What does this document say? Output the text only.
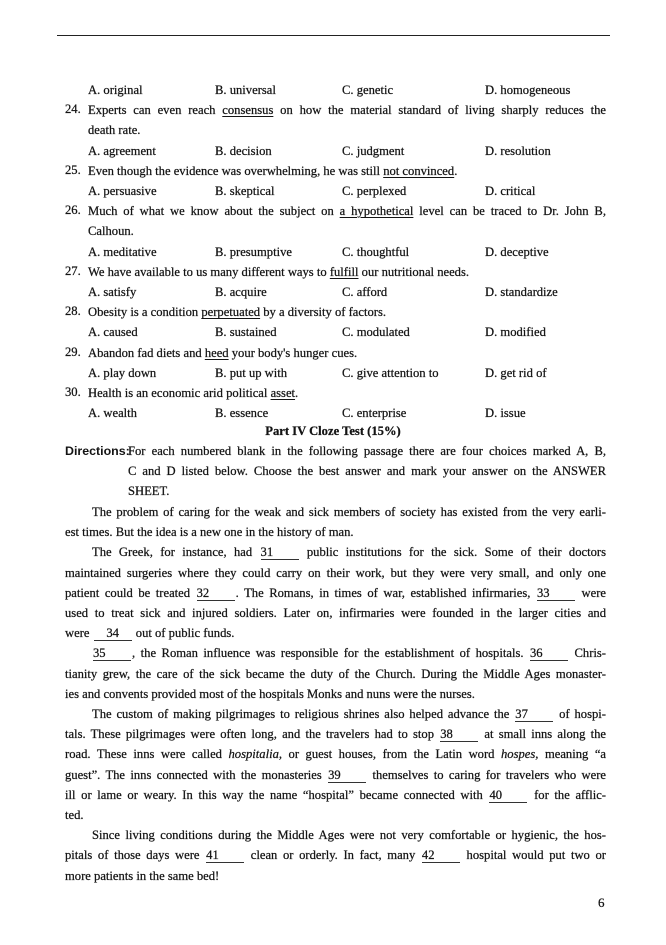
A. original	B. universal	C. genetic	D. homogeneous
24. Experts can even reach consensus on how the material standard of living sharply reduces the
death rate.
A. agreement	B. decision	C. judgment	D. resolution
25. Even though the evidence was overwhelming, he was still not convinced.
A. persuasive	B. skeptical	C. perplexed	D. critical
26. Much of what we know about the subject on a hypothetical level can be traced to Dr. John B,
Calhoun.
A. meditative	B. presumptive	C. thoughtful	D. deceptive
27. We have available to us many different ways to fulfill our nutritional needs.
A. satisfy	B. acquire	C. afford	D. standardize
28. Obesity is a condition perpetuated by a diversity of factors.
A. caused	B. sustained	C. modulated	D. modified
29. Abandon fad diets and heed your body's hunger cues.
A. play down	B. put up with	C. give attention to	D. get rid of
30. Health is an economic arid political asset.
A. wealth	B. essence	C. enterprise	D. issue
For each numbered blank in the following passage there are four choices marked A, B,
C and D listed below. Choose the best answer and mark your answer on the ANSWER
SHEET.
The problem of caring for the weak and sick members of society has existed from the very earli-
est times. But the idea is a new one in the history of man.
The Greek, for instance, had 31 public institutions for the sick. Some of their doctors
maintained surgeries where they could carry on their work, but they were very small, and only one
patient could be treated 32 . The Romans, in times of war, established infirmaries, 33 were
used to treat sick and injured soldiers. Later on, infirmaries were founded in the larger cities and
were 34 out of public funds.
35 , the Roman influence was responsible for the establishment of hospitals. 36 Chris-
tianity grew, the care of the sick became the duty of the Church. During the Middle Ages monaster-
ies and convents provided most of the hospitals Monks and nuns were the nurses.
The custom of making pilgrimages to religious shrines also helped advance the 37 of hospi-
tals. These pilgrimages were often long, and the travelers had to stop 38 at small inns along the
road. These inns were called hospitalia, or guest houses, from the Latin word hospes, meaning “a
guest”. The inns connected with the monasteries 39 themselves to caring for travelers who were
ill or lame or weary. In this way the name “hospital” became connected with 40 for the afflic-
ted.
Since living conditions during the Middle Ages were not very comfortable or hygienic, the hos-
pitals of those days were 41 clean or orderly. In fact, many 42 hospital would put two or
more patients in the same bed!
Part IV Cloze Test (15%)
Directions:
6
